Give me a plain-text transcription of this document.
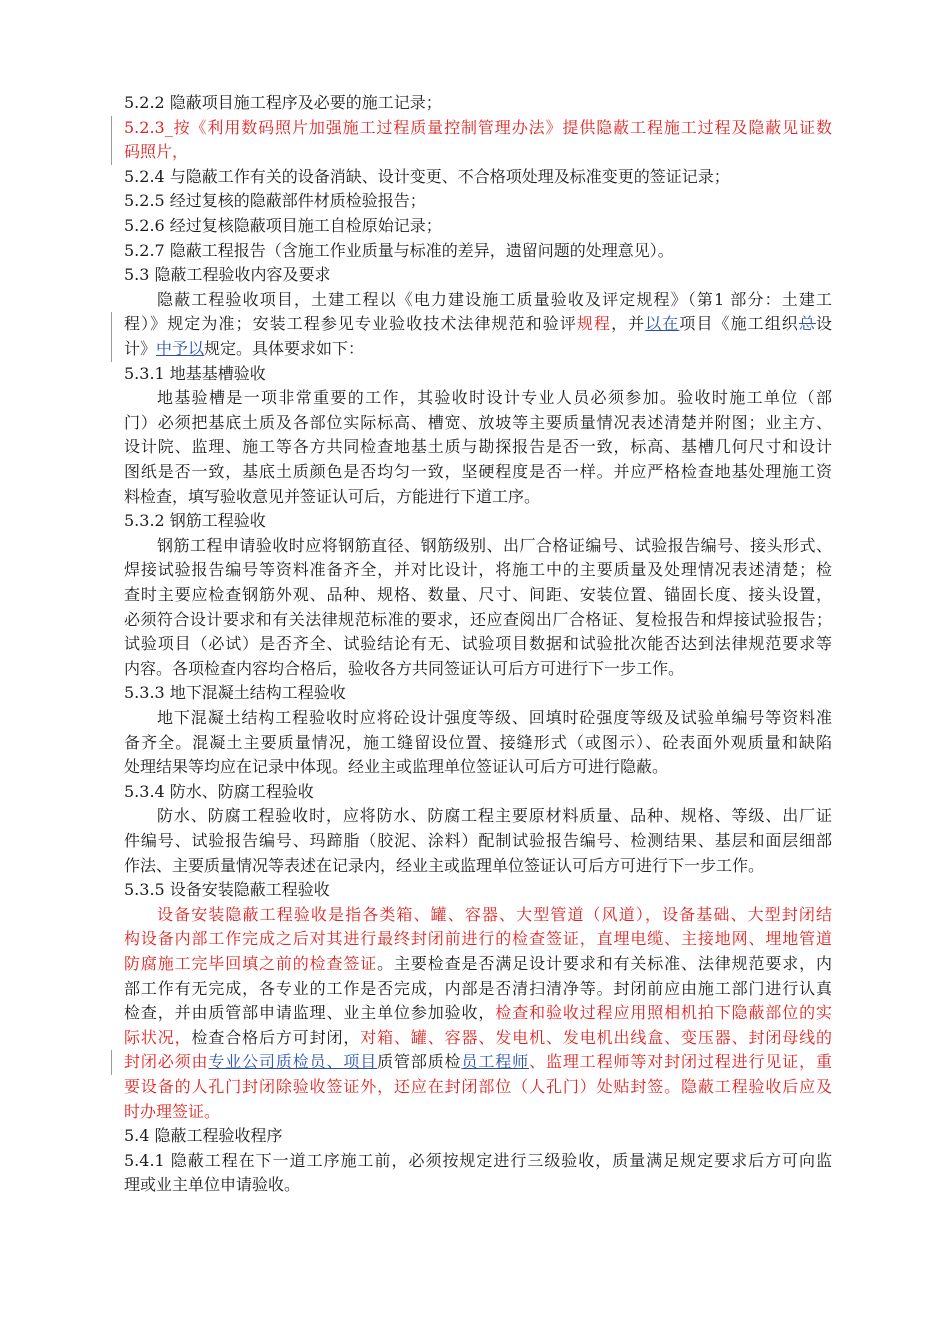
5.2.2 隐蔽项目施工程序及必要的施工记录；
5.2.3_按《利用数码照片加强施工过程质量控制管理办法》提供隐蔽工程施工过程及隐蔽见证数
码照片，
5.2.4 与隐蔽工作有关的设备消缺、设计变更、不合格项处理及标准变更的签证记录；
5.2.5 经过复核的隐蔽部件材质检验报告；
5.2.6 经过复核隐蔽项目施工自检原始记录；
5.2.7 隐蔽工程报告（含施工作业质量与标准的差异，遗留问题的处理意见）。
5.3 隐蔽工程验收内容及要求
隐蔽工程验收项目，土建工程以《电力建设施工质量验收及评定规程》（第1 部分：土建工
程）》规定为准；安装工程参见专业验收技术法律规范和验评规程，并以在项目《施工组织总设
计》中予以规定。具体要求如下：
5.3.1 地基基槽验收
地基验槽是一项非常重要的工作，其验收时设计专业人员必须参加。验收时施工单位（部
门）必须把基底土质及各部位实际标高、槽宽、放坡等主要质量情况表述清楚并附图；业主方、
设计院、监理、施工等各方共同检查地基土质与勘探报告是否一致，标高、基槽几何尺寸和设计
图纸是否一致，基底土质颜色是否均匀一致，坚硬程度是否一样。并应严格检查地基处理施工资
料检查，填写验收意见并签证认可后，方能进行下道工序。
5.3.2 钢筋工程验收
钢筋工程申请验收时应将钢筋直径、钢筋级别、出厂合格证编号、试验报告编号、接头形式、
焊接试验报告编号等资料准备齐全，并对比设计，将施工中的主要质量及处理情况表述清楚；检
查时主要应检查钢筋外观、品种、规格、数量、尺寸、间距、安装位置、锚固长度、接头设置，
必须符合设计要求和有关法律规范标准的要求，还应查阅出厂合格证、复检报告和焊接试验报告；
试验项目（必试）是否齐全、试验结论有无、试验项目数据和试验批次能否达到法律规范要求等
内容。各项检查内容均合格后，验收各方共同签证认可后方可进行下一步工作。
5.3.3 地下混凝土结构工程验收
地下混凝土结构工程验收时应将砼设计强度等级、回填时砼强度等级及试验单编号等资料准
备齐全。混凝土主要质量情况，施工缝留设位置、接缝形式（或图示）、砼表面外观质量和缺陷
处理结果等均应在记录中体现。经业主或监理单位签证认可后方可进行隐蔽。
5.3.4 防水、防腐工程验收
防水、防腐工程验收时，应将防水、防腐工程主要原材料质量、品种、规格、等级、出厂证
件编号、试验报告编号、玛蹄脂（胶泥、涂料）配制试验报告编号、检测结果、基层和面层细部
作法、主要质量情况等表述在记录内，经业主或监理单位签证认可后方可进行下一步工作。
5.3.5 设备安装隐蔽工程验收
设备安装隐蔽工程验收是指各类箱、罐、容器、大型管道（风道），设备基础、大型封闭结
构设备内部工作完成之后对其进行最终封闭前进行的检查签证，直埋电缆、主接地网、埋地管道
防腐施工完毕回填之前的检查签证。主要检查是否满足设计要求和有关标准、法律规范要求，内
部工作有无完成，各专业的工作是否完成，内部是否清扫清净等。封闭前应由施工部门进行认真
检查，并由质管部申请监理、业主单位参加验收，检查和验收过程应用照相机拍下隐蔽部位的实
际状况，检查合格后方可封闭，对箱、罐、容器、发电机、发电机出线盒、变压器、封闭母线的
封闭必须由专业公司质检员、项目质管部质检员工程师、监理工程师等对封闭过程进行见证，重
要设备的人孔门封闭除验收签证外，还应在封闭部位（人孔门）处贴封签。隐蔽工程验收后应及
时办理签证。
5.4 隐蔽工程验收程序
5.4.1 隐蔽工程在下一道工序施工前，必须按规定进行三级验收，质量满足规定要求后方可向监
理或业主单位申请验收。
